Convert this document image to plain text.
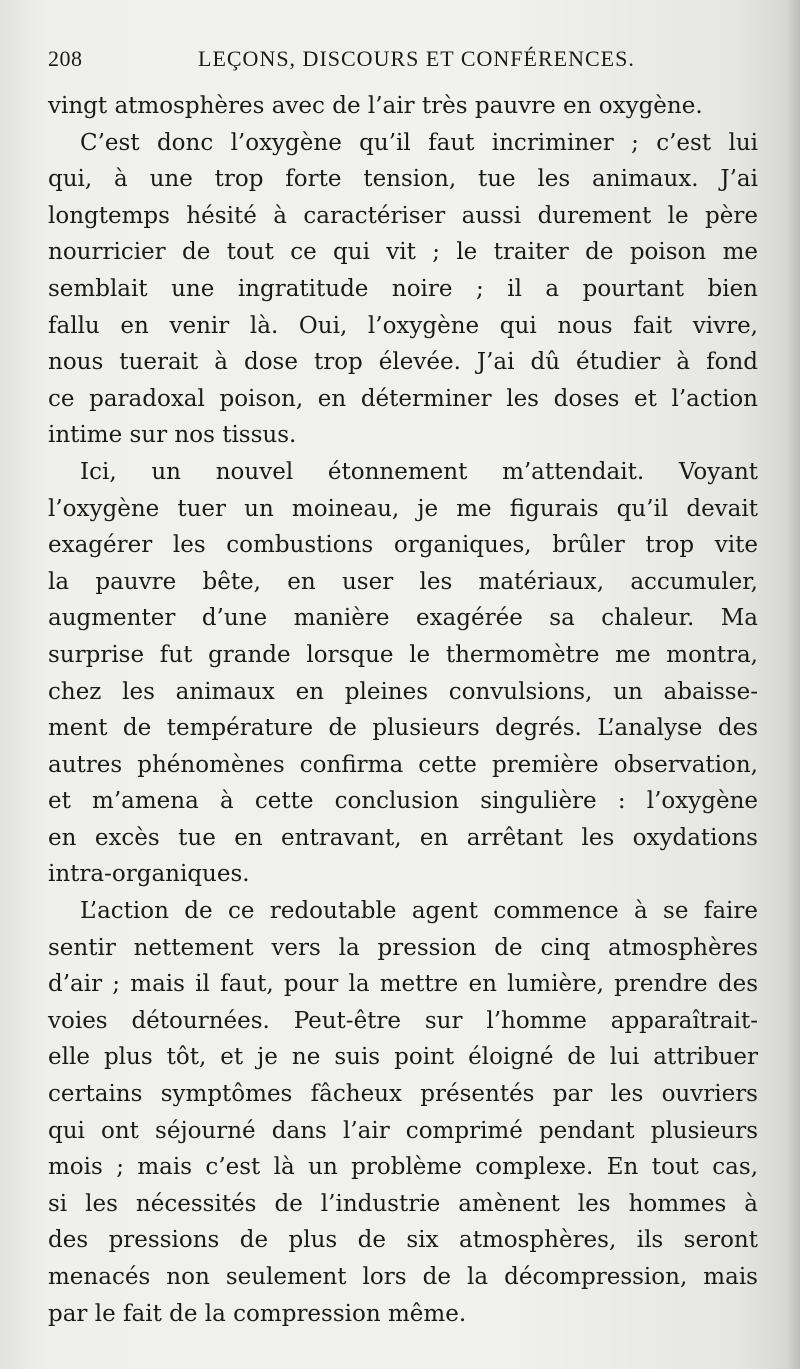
208	LEÇONS, DISCOURS ET CONFÉRENCES.
vingt atmosphères avec de l’air très pauvre en oxygène.
C’est donc l’oxygène qu’il faut incriminer ; c’est lui
qui, à une trop forte tension, tue les animaux. J’ai
longtemps hésité à caractériser aussi durement le père
nourricier de tout ce qui vit ; le traiter de poison me
semblait une ingratitude noire ; il a pourtant bien
fallu en venir là. Oui, l’oxygène qui nous fait vivre,
nous tuerait à dose trop élevée. J’ai dû étudier à fond
ce paradoxal poison, en déterminer les doses et l’action
intime sur nos tissus.
Ici, un nouvel étonnement m’attendait. Voyant
l’oxygène tuer un moineau, je me figurais qu’il devait
exagérer les combustions organiques, brûler trop vite
la pauvre bête, en user les matériaux, accumuler,
augmenter d’une manière exagérée sa chaleur. Ma
surprise fut grande lorsque le thermomètre me montra,
chez les animaux en pleines convulsions, un abaisse-
ment de température de plusieurs degrés. L’analyse des
autres phénomènes confirma cette première observation,
et m’amena à cette conclusion singulière : l’oxygène
en excès tue en entravant, en arrêtant les oxydations
intra-organiques.
L’action de ce redoutable agent commence à se faire
sentir nettement vers la pression de cinq atmosphères
d’air ; mais il faut, pour la mettre en lumière, prendre des
voies détournées. Peut-être sur l’homme apparaîtrait-
elle plus tôt, et je ne suis point éloigné de lui attribuer
certains symptômes fâcheux présentés par les ouvriers
qui ont séjourné dans l’air comprimé pendant plusieurs
mois ; mais c’est là un problème complexe. En tout cas,
si les nécessités de l’industrie amènent les hommes à
des pressions de plus de six atmosphères, ils seront
menacés non seulement lors de la décompression, mais
par le fait de la compression même.
